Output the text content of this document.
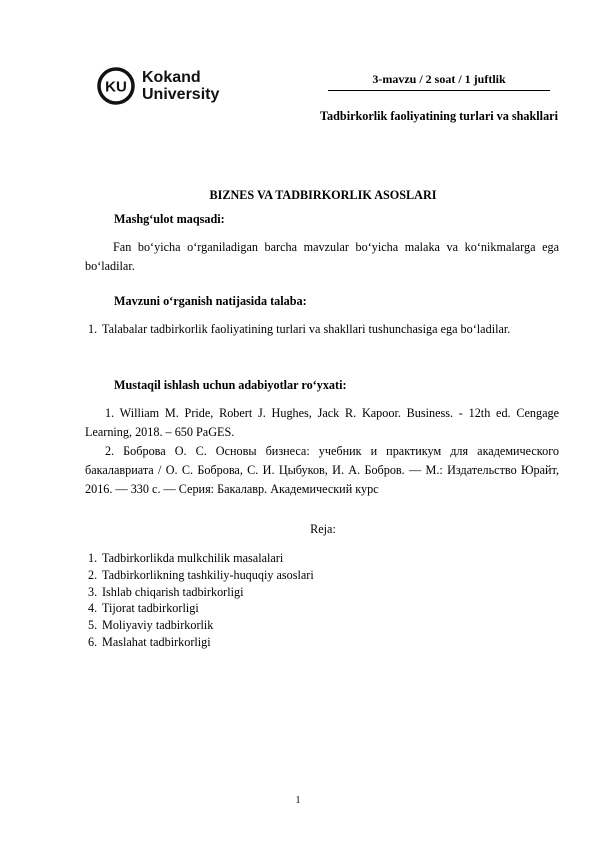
KU
Kokand
University
3-mavzu / 2 soat / 1 juftlik
Tadbirkorlik faoliyatining turlari va shakllari
BIZNES VA TADBIRKORLIK ASOSLARI
Mashg‘ulot maqsadi:
Fan bo‘yicha o‘rganiladigan barcha mavzular bo‘yicha malaka va ko‘nikmalarga ega bo‘ladilar.
Mavzuni o‘rganish natijasida talaba:
1. Talabalar tadbirkorlik faoliyatining turlari va shakllari tushunchasiga ega bo‘ladilar.
Mustaqil ishlash uchun adabiyotlar ro‘yxati:
1. William M. Pride, Robert J. Hughes, Jack R. Kapoor. Business. - 12th ed. Cengage Learning, 2018. – 650 PaGES.
2. Боброва О. С. Основы бизнеса: учебник и практикум для академического бакалавриата / О. С. Боброва, С. И. Цыбуков, И. А. Бобров. — М.: Издательство Юрайт, 2016. — 330 с. — Серия: Бакалавр. Академический курс
Reja:
1. Tadbirkorlikda mulkchilik masalalari
2. Tadbirkorlikning tashkiliy-huquqiy asoslari
3. Ishlab chiqarish tadbirkorligi
4. Tijorat tadbirkorligi
5. Moliyaviy tadbirkorlik
6. Maslahat tadbirkorligi
1
